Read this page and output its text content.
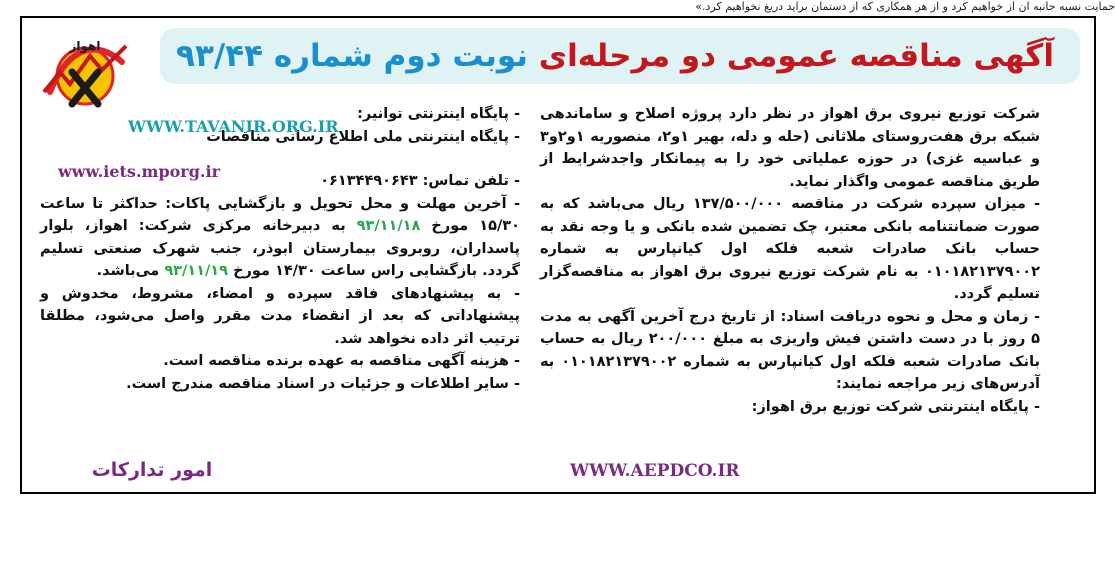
حمایت نسبه جانبه ان از خواهیم کرد و از هر همکاری که از دستمان براید دریغ نخواهیم کرد.»
آگهی مناقصه عمومی دو مرحله‌ای نوبت دوم شماره ۹۳/۴۴
اهواز

شرکت توزیع نیروی برق اهواز در نظر دارد پروژه اصلاح و ساماندهی شبکه برق هفت‌روستای ملاثانی (حله و دله، بهیر ۱و۲، منصوریه ۱و۲و۳ و عباسیه غزی) در حوزه عملیاتی خود را به پیمانکار واجدشرایط از طریق مناقصه عمومی واگذار نماید.

- میزان سپرده شرکت در مناقصه ۱۳۷/۵۰۰/۰۰۰ ریال می‌باشد که به صورت ضمانتنامه بانکی معتبر، چک تضمین شده بانکی و یا وجه نقد به حساب بانک صادرات شعبه فلکه اول کیانپارس به شماره ۰۱۰۱۸۲۱۳۷۹۰۰۲ به نام شرکت توزیع نیروی برق اهواز به مناقصه‌گزار تسلیم گردد.

- زمان و محل و نحوه دریافت اسناد: از تاریخ درج آخرین آگهی به مدت ۵ روز با در دست داشتن فیش واریزی به مبلغ ۲۰۰/۰۰۰ ریال به حساب بانک صادرات شعبه فلکه اول کیانپارس به شماره ۰۱۰۱۸۲۱۳۷۹۰۰۲ به آدرس‌های زیر مراجعه نمایند:

- پایگاه اینترنتی شرکت توزیع برق اهواز:

WWW.AEPDCO.IR

- پایگاه اینترنتی توانیر:

- پایگاه اینترنتی ملی اطلاع رسانی مناقصات

- تلفن تماس: ۰۶۱۳۴۴۹۰۶۴۳

- آخرین مهلت و محل تحویل و بازگشایی پاکات: حداکثر تا ساعت ۱۵/۳۰ مورخ ۹۳/۱۱/۱۸ به دبیرخانه مرکزی شرکت: اهواز، بلوار پاسداران، روبروی بیمارستان ابوذر، جنب شهرک صنعتی تسلیم گردد. بازگشایی راس ساعت ۱۴/۳۰ مورخ ۹۳/۱۱/۱۹ می‌باشد.

- به پیشنهادهای فاقد سپرده و امضاء، مشروط، مخدوش و پیشنهاداتی که بعد از انقضاء مدت مقرر واصل می‌شود، مطلقا ترتیب اثر داده نخواهد شد.

- هزینه آگهی مناقصه به عهده برنده مناقصه است.

- سایر اطلاعات و جزئیات در اسناد مناقصه مندرج است.

WWW.TAVANIR.ORG.IR
www.iets.mporg.ir
امور تدارکات
